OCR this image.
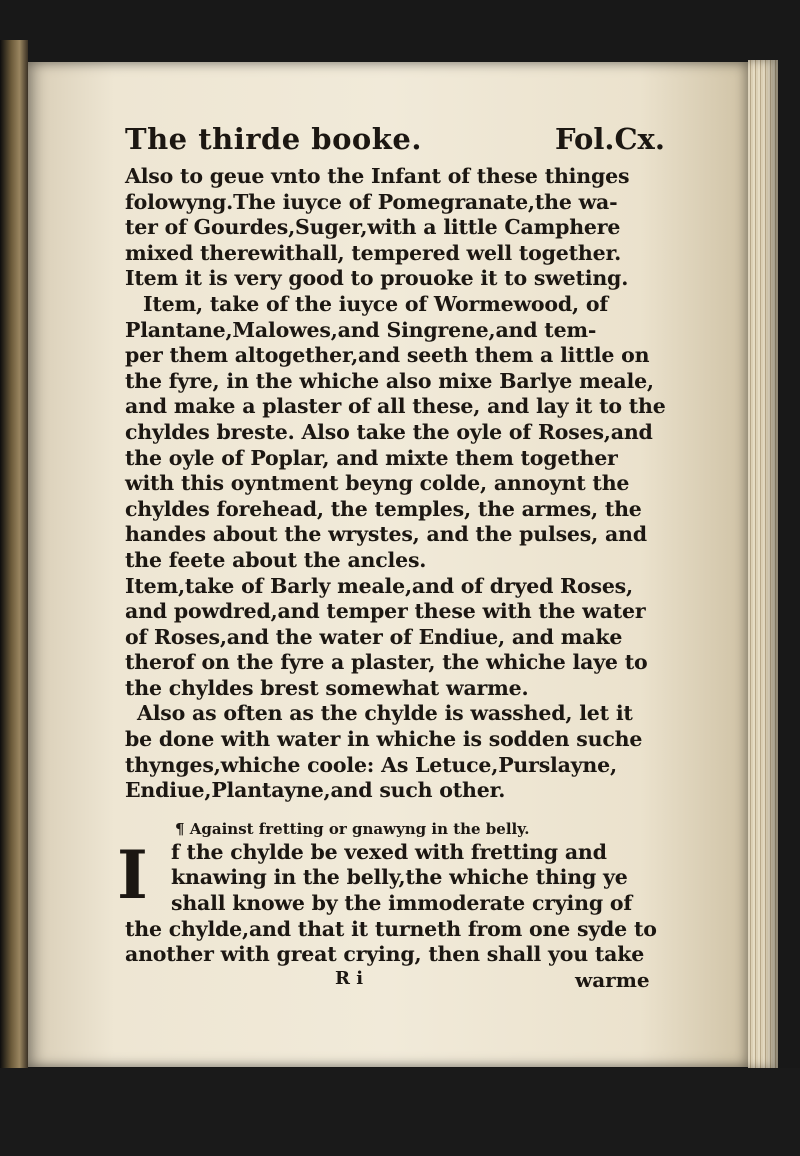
The thirde booke.	Fol.Cx.
Also to geue vnto the Infant of these thinges
folowyng.The iuyce of Pomegranate,the wa-
ter of Gourdes,Suger,with a little Camphere
mixed therewithall, tempered well together.
Item it is very good to prouoke it to sweting.
Item, take of the iuyce of Wormewood, of
Plantane,Malowes,and Singrene,and tem-
per them altogether,and seeth them a little on
the fyre, in the whiche also mixe Barlye meale,
and make a plaster of all these, and lay it to the
chyldes breste. Also take the oyle of Roses,and
the oyle of Poplar, and mixte them together
with this oyntment beyng colde, annoynt the
chyldes forehead, the temples, the armes, the
handes about the wrystes, and the pulses, and
the feete about the ancles.
Item,take of Barly meale,and of dryed Roses,
and powdred,and temper these with the water
of Roses,and the water of Endiue, and make
therof on the fyre a plaster, the whiche laye to
the chyldes brest somewhat warme.
Also as often as the chylde is wasshed, let it
be done with water in whiche is sodden suche
thynges,whiche coole: As Letuce,Purslayne,
Endiue,Plantayne,and such other.
¶ Against fretting or gnawyng in the belly.
I	f the chylde be vexed with fretting and
knawing in the belly,the whiche thing ye
shall knowe by the immoderate crying of
the chylde,and that it turneth from one syde to
another with great crying, then shall you take
R i	warme
